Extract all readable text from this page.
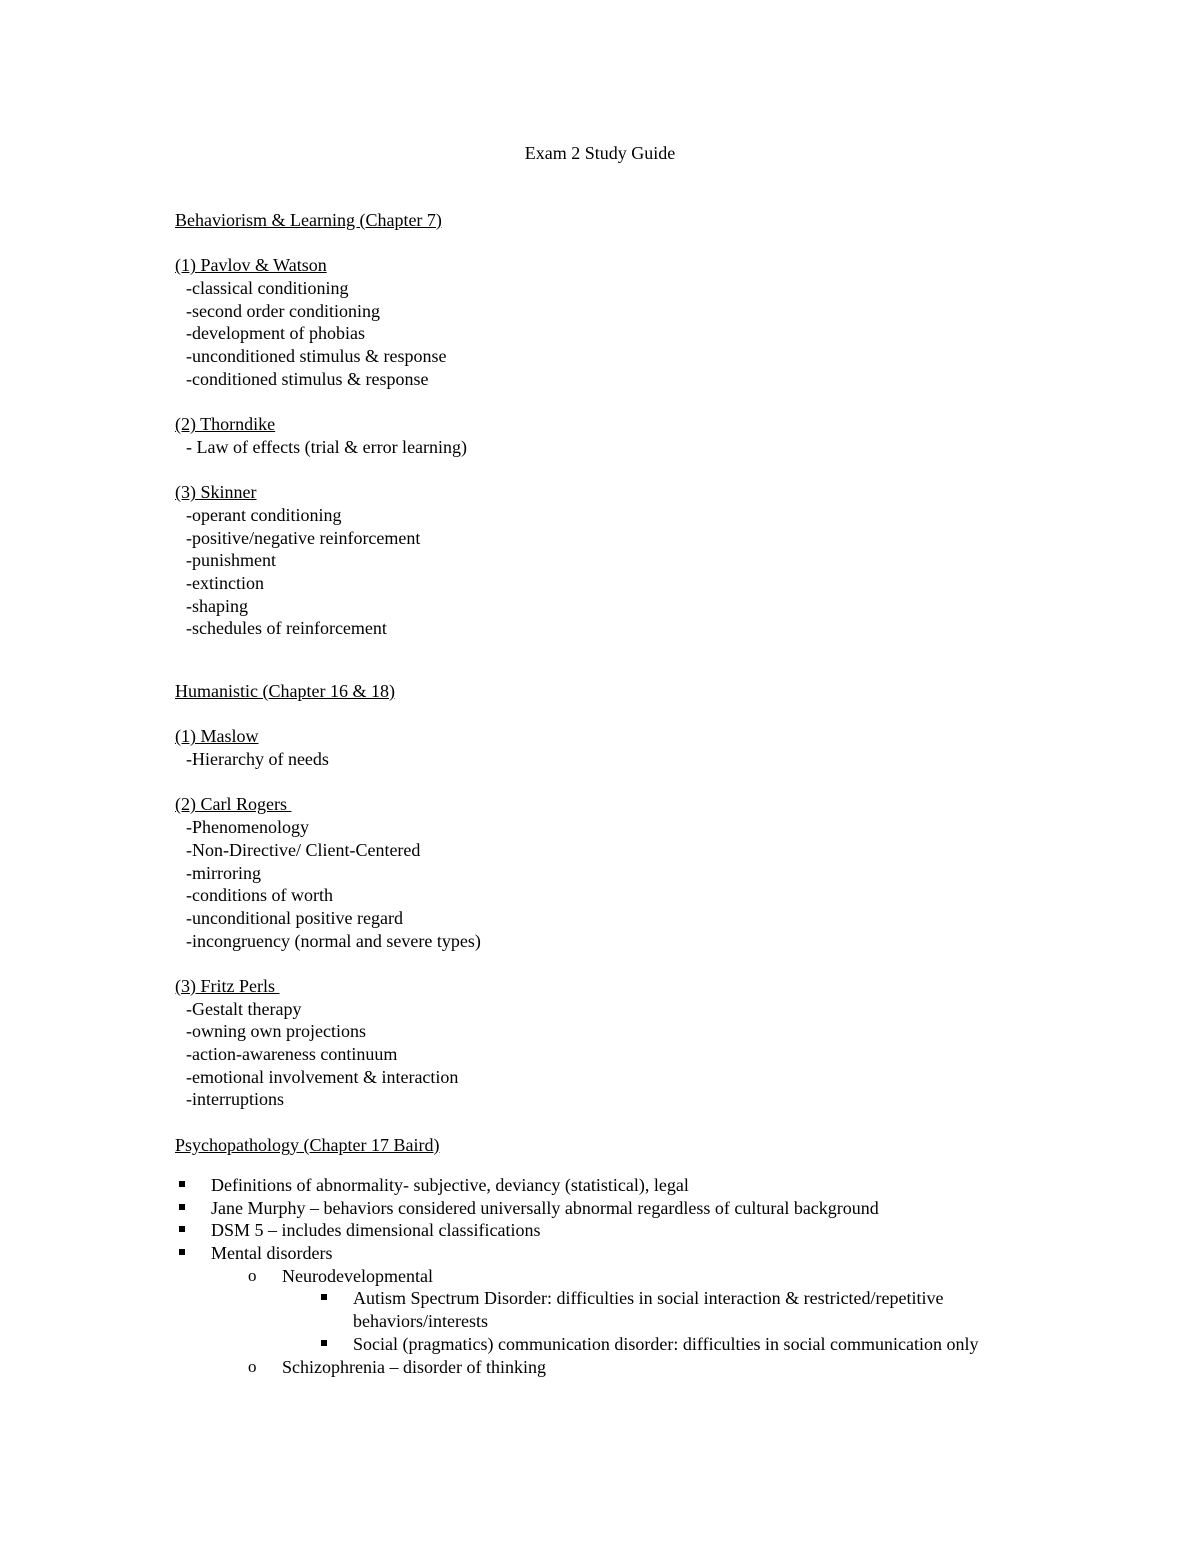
Exam 2 Study Guide
Behaviorism & Learning (Chapter 7)

(1) Pavlov & Watson
-classical conditioning
-second order conditioning
-development of phobias
-unconditioned stimulus & response
-conditioned stimulus & response

(2) Thorndike
- Law of effects (trial & error learning)

(3) Skinner
-operant conditioning
-positive/negative reinforcement
-punishment
-extinction
-shaping
-schedules of reinforcement
Humanistic (Chapter 16 & 18)

(1) Maslow
-Hierarchy of needs

(2) Carl Rogers
-Phenomenology
-Non-Directive/ Client-Centered
-mirroring
-conditions of worth
-unconditional positive regard
-incongruency (normal and severe types)

(3) Fritz Perls
-Gestalt therapy
-owning own projections
-action-awareness continuum
-emotional involvement & interaction
-interruptions

Psychopathology (Chapter 17 Baird)
Definitions of abnormality- subjective, deviancy (statistical), legal
Jane Murphy – behaviors considered universally abnormal regardless of cultural background
DSM 5 – includes dimensional classifications
Mental disorders
o Neurodevelopmental
Autism Spectrum Disorder: difficulties in social interaction & restricted/repetitive behaviors/interests
Social (pragmatics) communication disorder: difficulties in social communication only
o Schizophrenia – disorder of thinking
